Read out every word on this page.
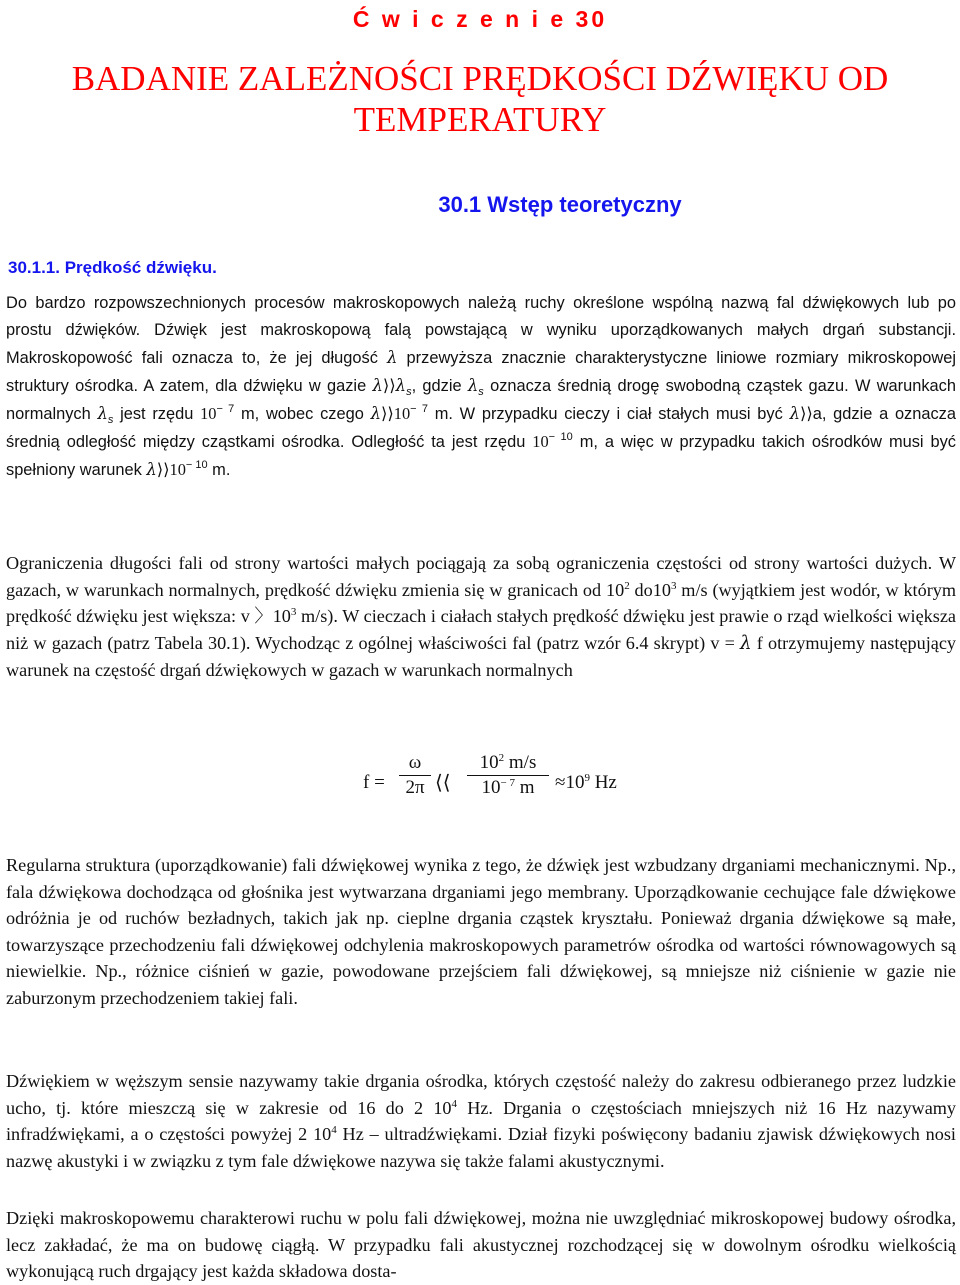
Ć w i c z e n i e 30
BADANIE ZALEŻNOŚCI PRĘDKOŚCI DŹWIĘKU OD
TEMPERATURY
30.1 Wstęp teoretyczny
30.1.1. Prędkość dźwięku.

Do bardzo rozpowszechnionych procesów makroskopowych należą ruchy określone wspólną nazwą fal dźwiękowych lub po prostu dźwięków. Dźwięk jest makroskopową falą powstającą w wyniku uporządkowanych małych drgań substancji. Makroskopowość fali oznacza to, że jej długość λ przewyższa znacznie charakterystyczne liniowe rozmiary mikroskopowej struktury ośrodka. A zatem, dla dźwięku w gazie $\lambda⟩⟩\lambda_s$, gdzie $\lambda_s$ oznacza średnią drogę swobodną cząstek gazu. W warunkach normalnych $\lambda_s$ jest rzędu $10^{- 7}$ m, wobec czego $\lambda⟩⟩10^{- 7}$ m. W przypadku cieczy i ciał stałych musi być λ⟩⟩a, gdzie a oznacza średnią odległość między cząstkami ośrodka. Odległość ta jest rzędu $10^{- 10}$ m, a więc w przypadku takich ośrodków musi być spełniony warunek $\lambda⟩⟩10^{- 10}$ m.

Ograniczenia długości fali od strony wartości małych pociągają za sobą ograniczenia częstości od strony wartości dużych. W gazach, w warunkach normalnych, prędkość dźwięku zmienia się w granicach od $10^2$ $do10^3$ m/s (wyjątkiem jest wodór, w którym prędkość dźwięku jest większa: v 〉$10^3$ m/s). W cieczach i ciałach stałych prędkość dźwięku jest prawie o rząd wielkości większa niż w gazach (patrz Tabela 30.1). Wychodząc z ogólnej właściwości fal (patrz wzór 6.4 skrypt) v = λ f otrzymujemy następujący warunek na częstość drgań dźwiękowych w gazach w warunkach normalnych

f =
ω
2π ⟨⟨
$10^2$ m/s
$10^{- 7}$ m	$\approx 10^9$ Hz

Regularna struktura (uporządkowanie) fali dźwiękowej wynika z tego, że dźwięk jest wzbudzany drganiami mechanicznymi. Np., fala dźwiękowa dochodząca od głośnika jest wytwarzana drganiami jego membrany. Uporządkowanie cechujące fale dźwiękowe odróżnia je od ruchów bezładnych, takich jak np. cieplne drgania cząstek kryształu. Ponieważ drgania dźwiękowe są małe, towarzyszące przechodzeniu fali dźwiękowej odchylenia makroskopowych parametrów ośrodka od wartości równowagowych są niewielkie. Np., różnice ciśnień w gazie, powodowane przejściem fali dźwiękowej, są mniejsze niż ciśnienie w gazie nie zaburzonym przechodzeniem takiej fali.

Dźwiękiem w węższym sensie nazywamy takie drgania ośrodka, których częstość należy do zakresu odbieranego przez ludzkie ucho, tj. które mieszczą się w zakresie od 16 do 2 $10^4$ Hz. Drgania o częstościach mniejszych niż 16 Hz nazywamy infradźwiękami, a o częstości powyżej 2 $10^4$ Hz – ultradźwiękami. Dział fizyki poświęcony badaniu zjawisk dźwiękowych nosi nazwę akustyki i w związku z tym fale dźwiękowe nazywa się także falami akustycznymi.

Dzięki makroskopowemu charakterowi ruchu w polu fali dźwiękowej, można nie uwzględniać mikroskopowej budowy ośrodka, lecz zakładać, że ma on budowę ciągłą. W przypadku fali akustycznej rozchodzącej się w dowolnym ośrodku wielkością wykonującą ruch drgający jest każda składowa dosta-
